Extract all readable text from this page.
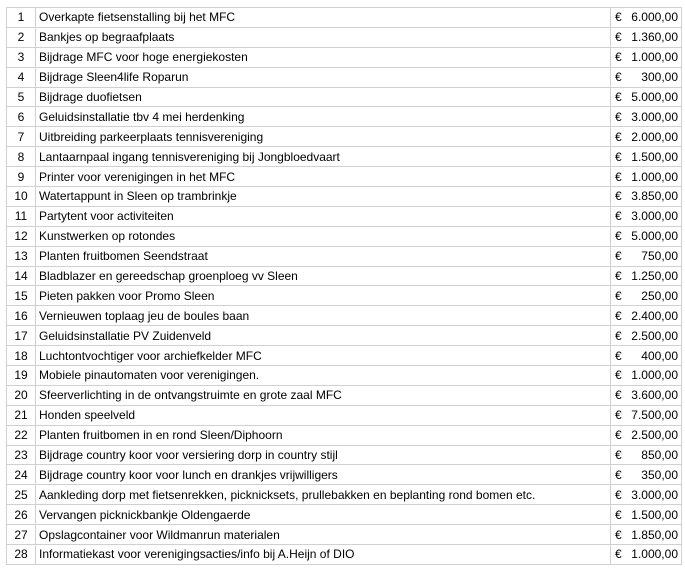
1	Overkapte fietsenstalling bij het MFC	€ 6.000,00

2	Bankjes op begraafplaats	€ 1.360,00

3	Bijdrage MFC voor hoge energiekosten	€ 1.000,00

4	Bijdrage Sleen4life Roparun	€ 300,00

5	Bijdrage duofietsen	€ 5.000,00

6	Geluidsinstallatie tbv 4 mei herdenking	€ 3.000,00

7	Uitbreiding parkeerplaats tennisvereniging	€ 2.000,00

8	Lantaarnpaal ingang tennisvereniging bij Jongbloedvaart	€ 1.500,00

9	Printer voor verenigingen in het MFC	€ 1.000,00

10	Watertappunt in Sleen op trambrinkje	€ 3.850,00

11	Partytent voor activiteiten	€ 3.000,00

12	Kunstwerken op rotondes	€ 5.000,00

13	Planten fruitbomen Seendstraat	€ 750,00

14	Bladblazer en gereedschap groenploeg vv Sleen	€ 1.250,00

15	Pieten pakken voor Promo Sleen	€ 250,00

16	Vernieuwen toplaag jeu de boules baan	€ 2.400,00

17	Geluidsinstallatie PV Zuidenveld	€ 2.500,00

18	Luchtontvochtiger voor archiefkelder MFC	€ 400,00

19	Mobiele pinautomaten voor verenigingen.	€ 1.000,00

20	Sfeerverlichting in de ontvangstruimte en grote zaal MFC	€ 3.600,00

21	Honden speelveld	€ 7.500,00

22	Planten fruitbomen in en rond Sleen/Diphoorn	€ 2.500,00

23	Bijdrage country koor voor versiering dorp in country stijl	€ 850,00

24	Bijdrage country koor voor lunch en drankjes vrijwilligers	€ 350,00

25	Aankleding dorp met fietsenrekken, picknicksets, prullebakken en beplanting rond bomen etc.	€ 3.000,00

26	Vervangen picknickbankje Oldengaerde	€ 1.500,00

27	Opslagcontainer voor Wildmanrun materialen	€ 1.850,00

28	Informatiekast voor verenigingsacties/info bij A.Heijn of DIO	€ 1.000,00
